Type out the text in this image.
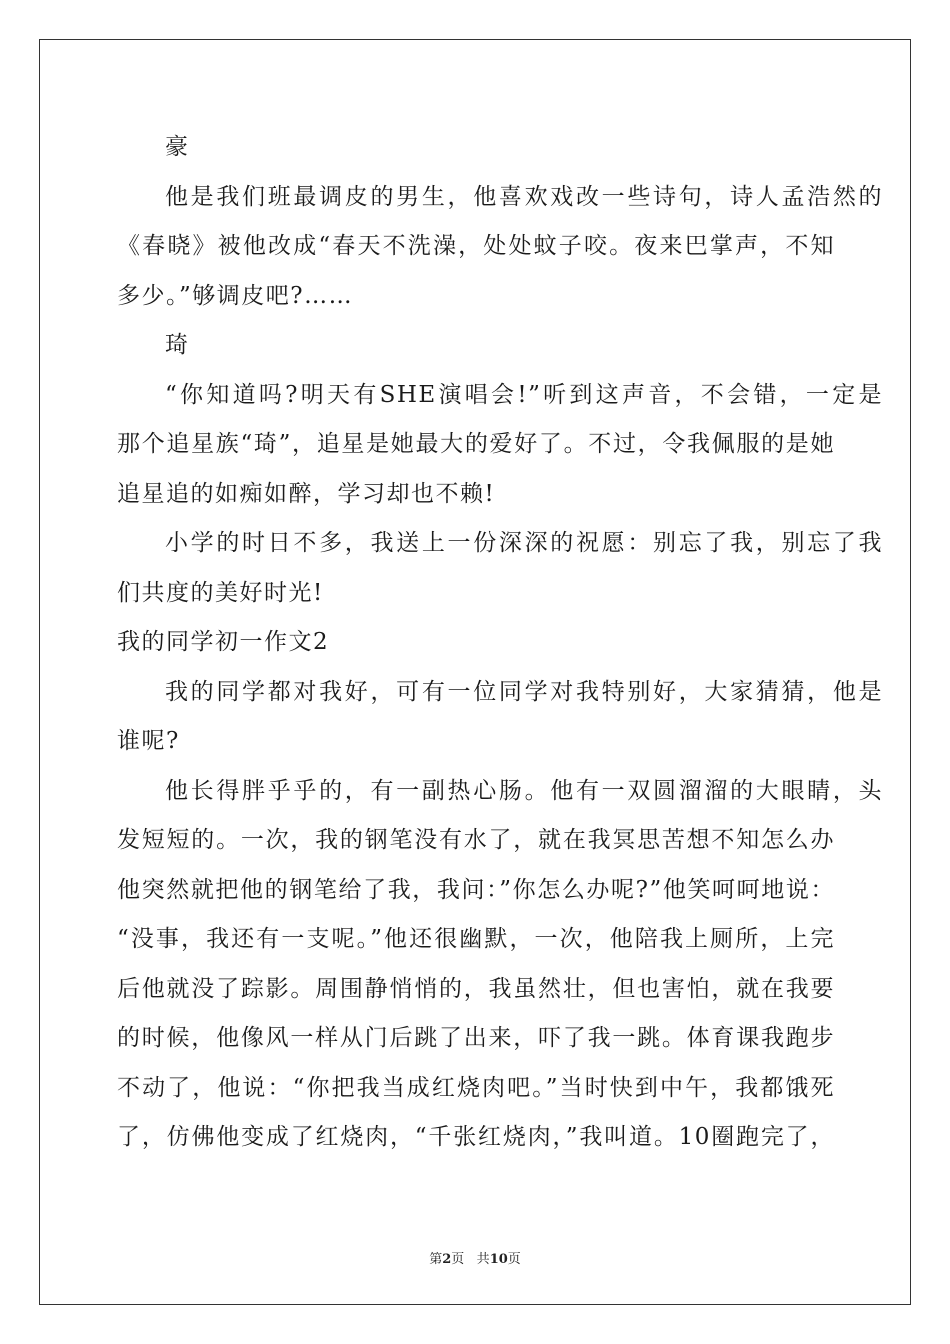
豪
他是我们班最调皮的男生，他喜欢戏改一些诗句，诗人孟浩然的
《春晓》被他改成“春天不洗澡，处处蚊子咬。夜来巴掌声，不知
多少。”够调皮吧?……
琦
“你知道吗?明天有SHE演唱会!”听到这声音，不会错，一定是
那个追星族“琦”，追星是她最大的爱好了。不过，令我佩服的是她
追星追的如痴如醉，学习却也不赖!
小学的时日不多，我送上一份深深的祝愿：别忘了我，别忘了我
们共度的美好时光!
我的同学初一作文2
我的同学都对我好，可有一位同学对我特别好，大家猜猜，他是
谁呢?
他长得胖乎乎的，有一副热心肠。他有一双圆溜溜的大眼睛，头
发短短的。一次，我的钢笔没有水了，就在我冥思苦想不知怎么办
他突然就把他的钢笔给了我，我问：”你怎么办呢?”他笑呵呵地说：
“没事，我还有一支呢。”他还很幽默，一次，他陪我上厕所，上完
后他就没了踪影。周围静悄悄的，我虽然壮，但也害怕，就在我要
的时候，他像风一样从门后跳了出来，吓了我一跳。体育课我跑步
不动了，他说：“你把我当成红烧肉吧。”当时快到中午，我都饿死
了，仿佛他变成了红烧肉，“千张红烧肉，”我叫道。10圈跑完了，
第2页 共10页
